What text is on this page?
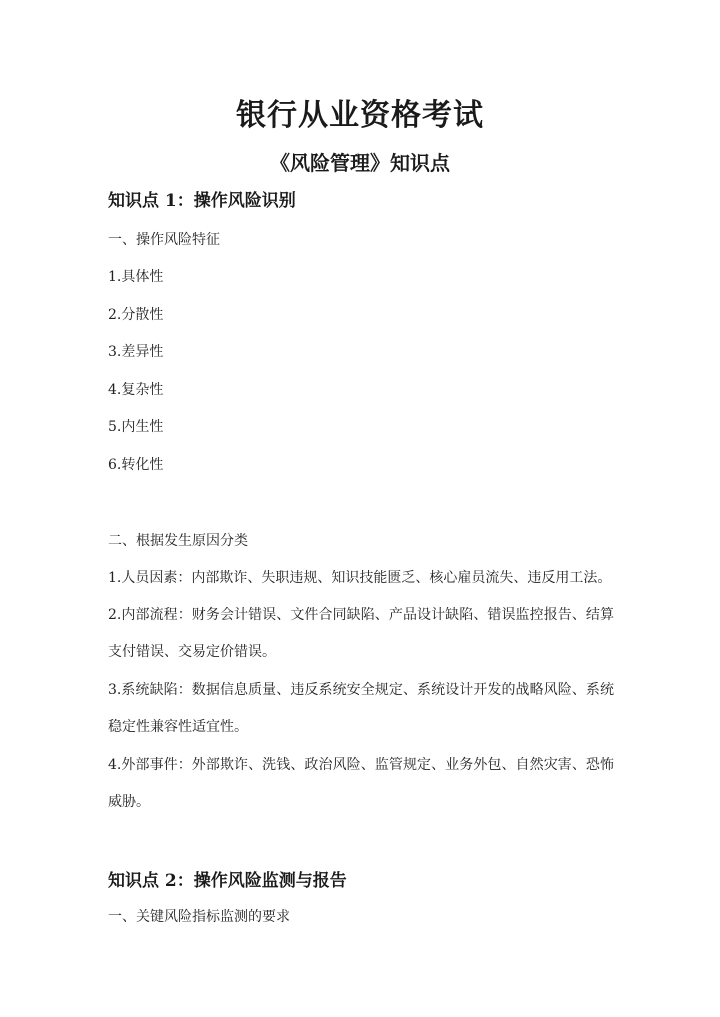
银行从业资格考试
《风险管理》知识点
知识点 1：操作风险识别
一、操作风险特征
1.具体性
2.分散性
3.差异性
4.复杂性
5.内生性
6.转化性
二、根据发生原因分类
1.人员因素：内部欺诈、失职违规、知识技能匮乏、核心雇员流失、违反用工法。
2.内部流程：财务会计错误、文件合同缺陷、产品设计缺陷、错误监控报告、结算支付错误、交易定价错误。
3.系统缺陷：数据信息质量、违反系统安全规定、系统设计开发的战略风险、系统稳定性兼容性适宜性。
4.外部事件：外部欺诈、洗钱、政治风险、监管规定、业务外包、自然灾害、恐怖威胁。
知识点 2：操作风险监测与报告
一、关键风险指标监测的要求
